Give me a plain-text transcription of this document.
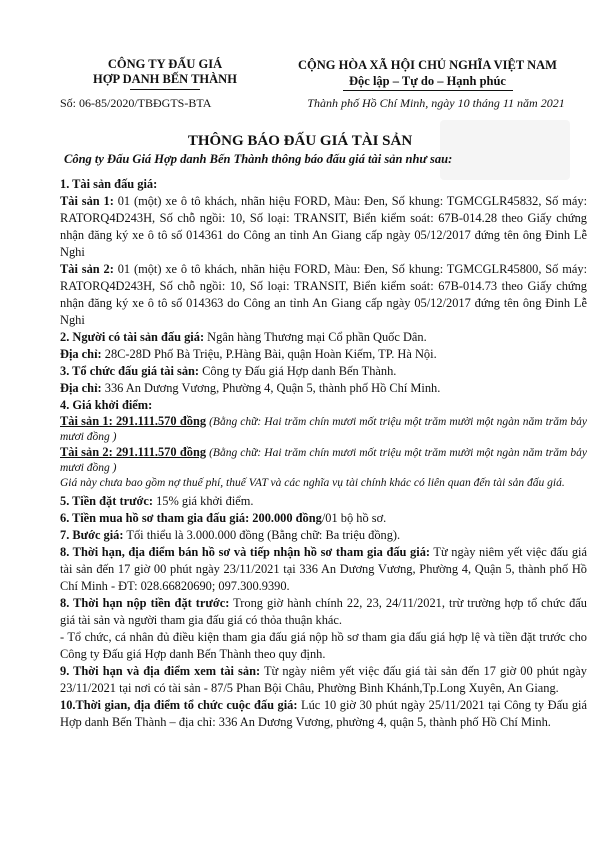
CÔNG TY ĐẤU GIÁ
HỢP DANH BẾN THÀNH
Số: 06-85/2020/TBĐGTS-BTA
CỘNG HÒA XÃ HỘI CHỦ NGHĨA VIỆT NAM
Độc lập – Tự do – Hạnh phúc
Thành phố Hồ Chí Minh, ngày 10 tháng 11 năm 2021
THÔNG BÁO ĐẤU GIÁ TÀI SẢN
Công ty Đấu Giá Hợp danh Bến Thành thông báo đấu giá tài sản như sau:

1. Tài sản đấu giá:

Tài sản 1: 01 (một) xe ô tô khách, nhãn hiệu FORD, Màu: Đen, Số khung: TGMCGLR45832, Số máy: RATORQ4D243H, Số chỗ ngồi: 10, Số loại: TRANSIT, Biển kiểm soát: 67B-014.28 theo Giấy chứng nhận đăng ký xe ô tô số 014361 do Công an tỉnh An Giang cấp ngày 05/12/2017 đứng tên ông Đinh Lễ Nghi

Tài sản 2: 01 (một) xe ô tô khách, nhãn hiệu FORD, Màu: Đen, Số khung: TGMCGLR45800, Số máy: RATORQ4D243H, Số chỗ ngồi: 10, Số loại: TRANSIT, Biển kiểm soát: 67B-014.73 theo Giấy chứng nhận đăng ký xe ô tô số 014363 do Công an tỉnh An Giang cấp ngày 05/12/2017 đứng tên ông Đinh Lễ Nghi

2. Người có tài sản đấu giá: Ngân hàng Thương mại Cổ phần Quốc Dân.

Địa chỉ: 28C-28D Phố Bà Triệu, P.Hàng Bài, quận Hoàn Kiếm, TP. Hà Nội.

3. Tổ chức đấu giá tài sản: Công ty Đấu giá Hợp danh Bến Thành.

Địa chỉ: 336 An Dương Vương, Phường 4, Quận 5, thành phố Hồ Chí Minh.

4. Giá khởi điểm:

Tài sản 1: 291.111.570 đồng (Bằng chữ: Hai trăm chín mươi mốt triệu một trăm mười một ngàn năm trăm bảy mươi đồng )

Tài sản 2: 291.111.570 đồng (Bằng chữ: Hai trăm chín mươi mốt triệu một trăm mười một ngàn năm trăm bảy mươi đồng )

Giá này chưa bao gồm nợ thuế phí, thuế VAT và các nghĩa vụ tài chính khác có liên quan đến tài sản đấu giá.

5. Tiền đặt trước: 15% giá khởi điểm.

6. Tiền mua hồ sơ tham gia đấu giá: 200.000 đồng/01 bộ hồ sơ.

7. Bước giá: Tối thiểu là 3.000.000 đồng (Bằng chữ: Ba triệu đồng).

8. Thời hạn, địa điểm bán hồ sơ và tiếp nhận hồ sơ tham gia đấu giá: Từ ngày niêm yết việc đấu giá tài sản đến 17 giờ 00 phút ngày 23/11/2021 tại 336 An Dương Vương, Phường 4, Quận 5, thành phố Hồ Chí Minh - ĐT: 028.66820690; 097.300.9390.

8. Thời hạn nộp tiền đặt trước: Trong giờ hành chính 22, 23, 24/11/2021, trừ trường hợp tổ chức đấu giá tài sản và người tham gia đấu giá có thỏa thuận khác.

- Tổ chức, cá nhân đủ điều kiện tham gia đấu giá nộp hồ sơ tham gia đấu giá hợp lệ và tiền đặt trước cho Công ty Đấu giá Hợp danh Bến Thành theo quy định.

9. Thời hạn và địa điểm xem tài sản: Từ ngày niêm yết việc đấu giá tài sản đến 17 giờ 00 phút ngày 23/11/2021 tại nơi có tài sản - 87/5 Phan Bội Châu, Phường Bình Khánh,Tp.Long Xuyên, An Giang.

10.Thời gian, địa điểm tổ chức cuộc đấu giá: Lúc 10 giờ 30 phút ngày 25/11/2021 tại Công ty Đấu giá Hợp danh Bến Thành – địa chỉ: 336 An Dương Vương, phường 4, quận 5, thành phố Hồ Chí Minh.
